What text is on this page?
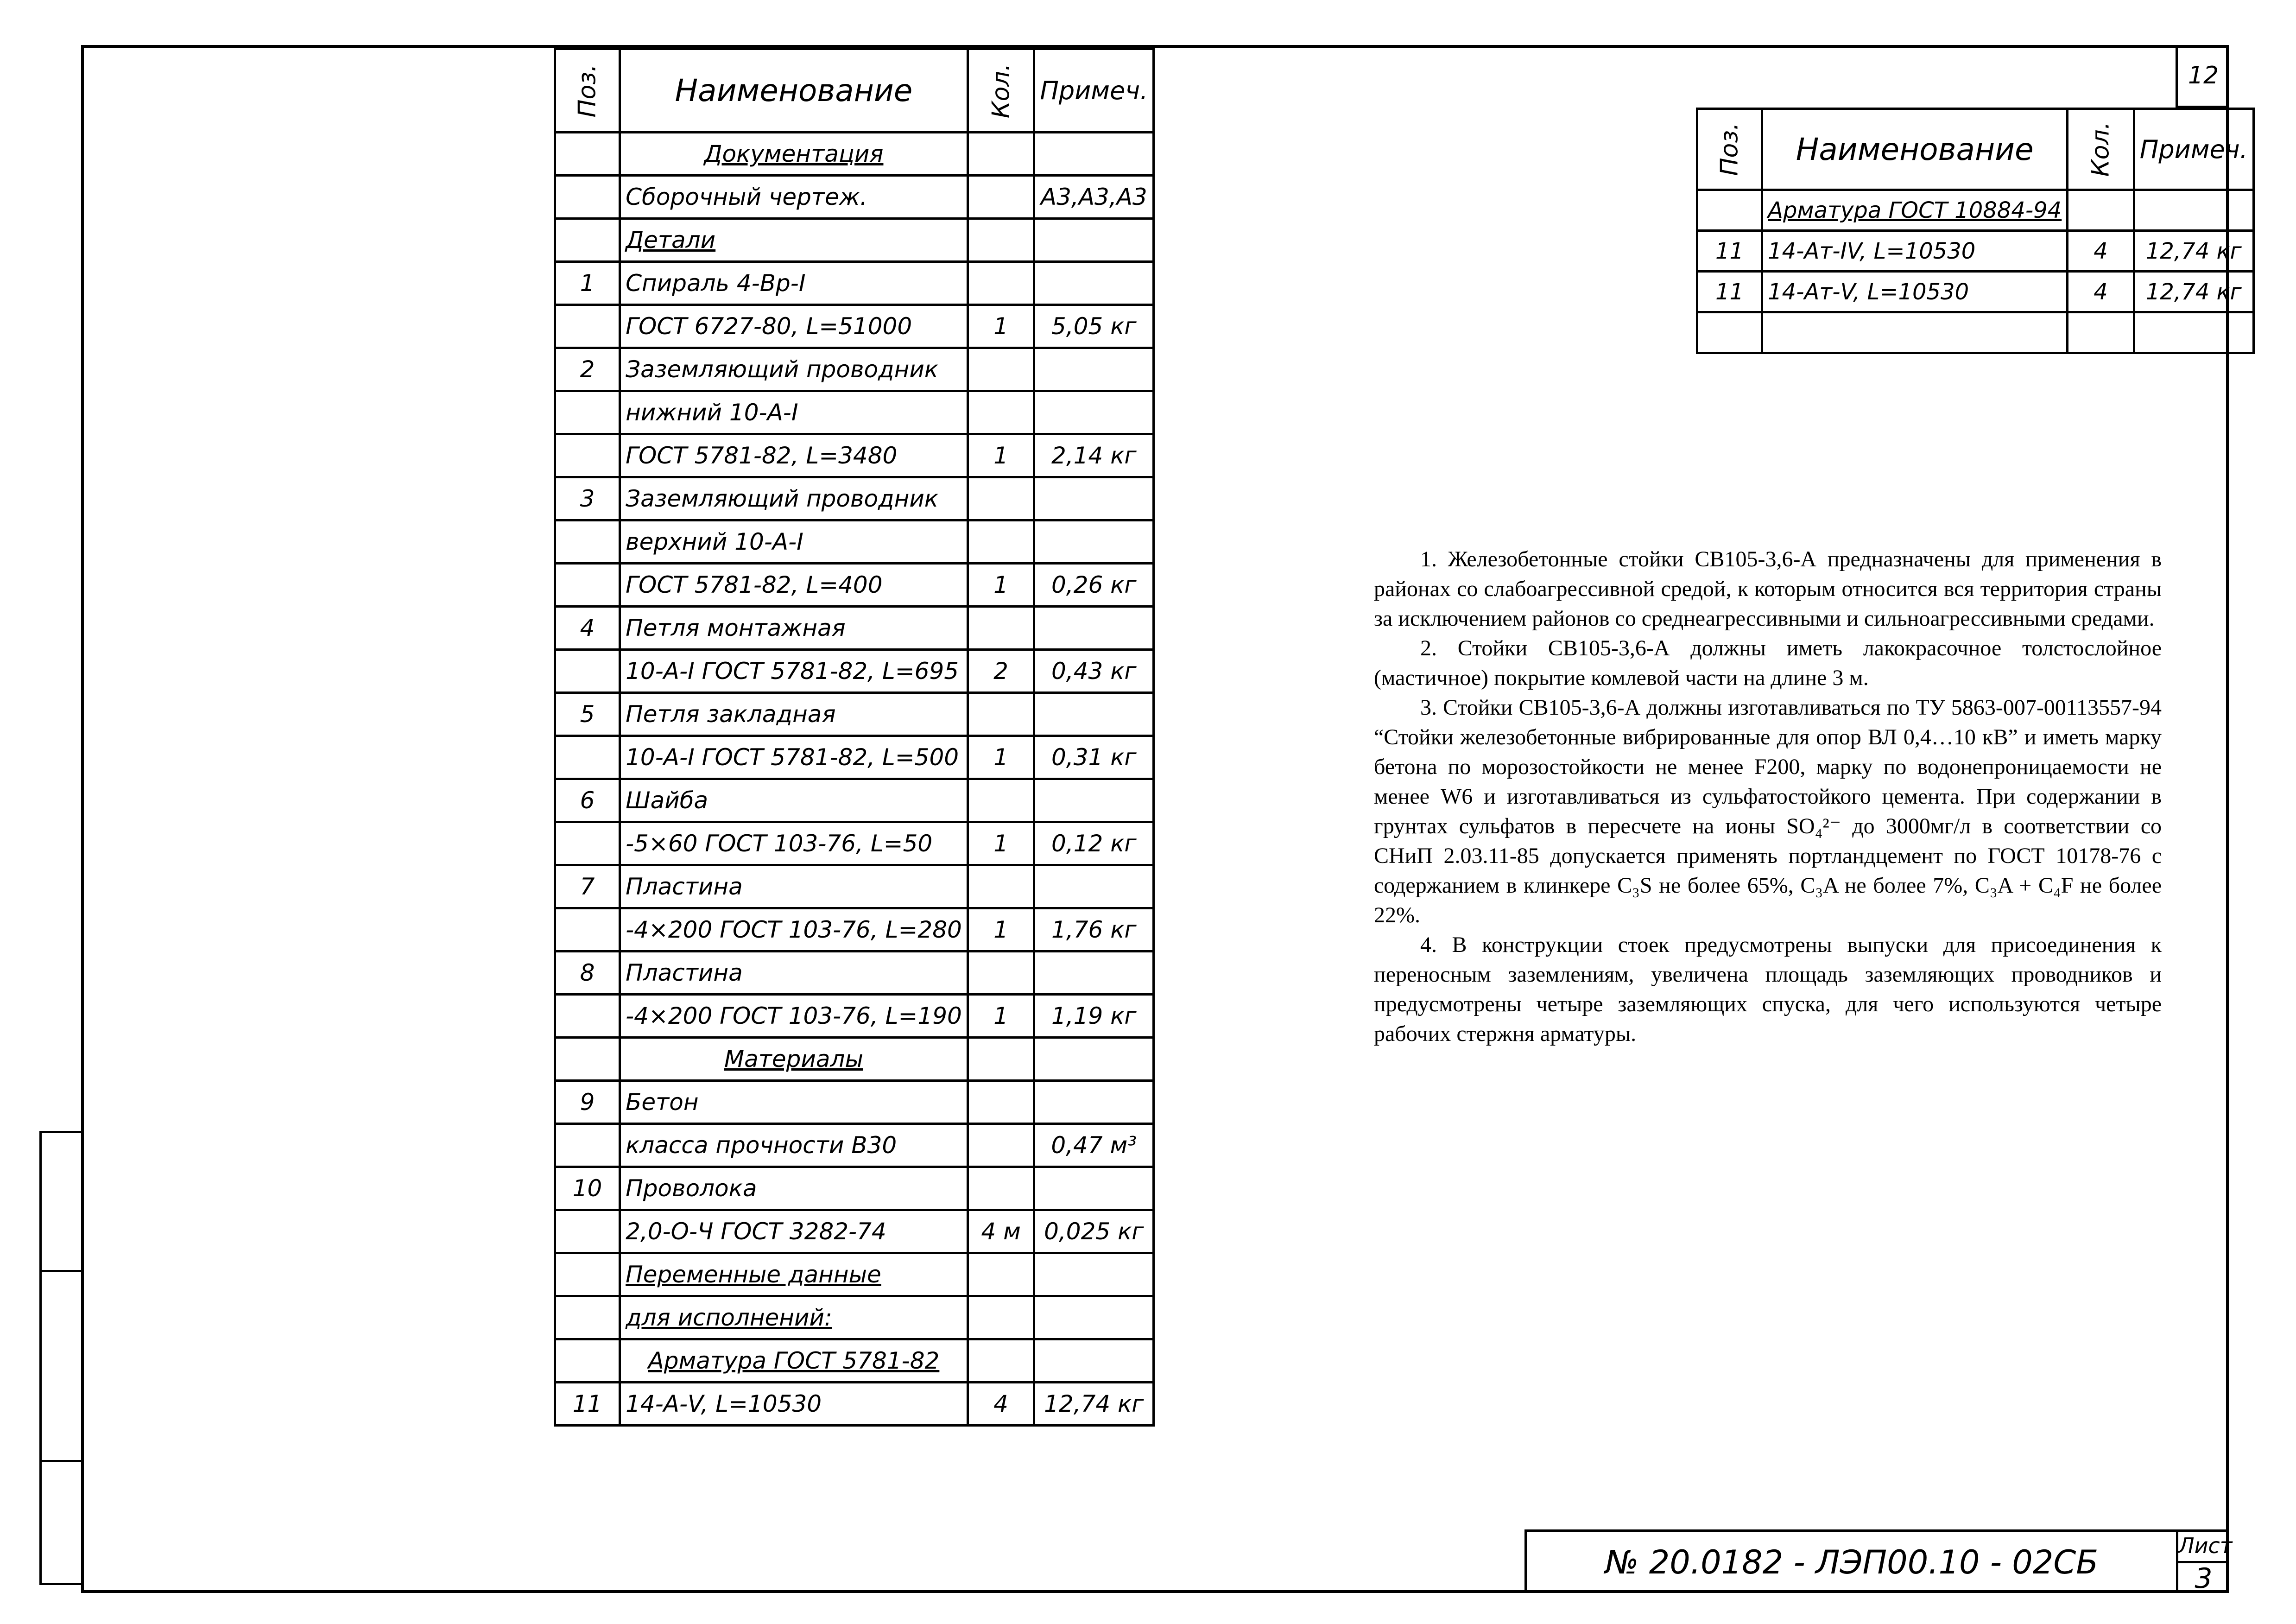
12
Поз.	Наименование	Кол.	Примеч.
	Документация		
	Сборочный чертеж.		А3,А3,А3
	Детали		
1	Спираль 4-Вр-I		
	ГОСТ 6727-80, L=51000	1	5,05 кг
2	Заземляющий проводник		
	нижний 10-А-I		
	ГОСТ 5781-82, L=3480	1	2,14 кг
3	Заземляющий проводник		
	верхний 10-А-I		
	ГОСТ 5781-82, L=400	1	0,26 кг
4	Петля монтажная		
	10-А-I ГОСТ 5781-82, L=695	2	0,43 кг
5	Петля закладная		
	10-А-I ГОСТ 5781-82, L=500	1	0,31 кг
6	Шайба		
	-5×60 ГОСТ 103-76, L=50	1	0,12 кг
7	Пластина		
	-4×200 ГОСТ 103-76, L=280	1	1,76 кг
8	Пластина		
	-4×200 ГОСТ 103-76, L=190	1	1,19 кг
	Материалы		
9	Бетон		
	класса прочности В30		0,47 м³
10	Проволока		
	2,0-О-Ч ГОСТ 3282-74	4 м	0,025 кг
	Переменные данные		
	для исполнений:		
	Арматура ГОСТ 5781-82		
11	14-А-V, L=10530	4	12,74 кг
Поз.	Наименование	Кол.	Примеч.
	Арматура ГОСТ 10884-94		
11	14-Ат-IV, L=10530	4	12,74 кг
11	14-Ат-V, L=10530	4	12,74 кг

1. Железобетонные стойки СВ105-3,6-А предназначены для применения в районах со слабоагрессивной средой, к которым относится вся территория страны за исключением районов со среднеагрессивными и сильноагрессивными средами.

2. Стойки СВ105-3,6-А должны иметь лакокрасочное толстослойное (мастичное) покрытие комлевой части на длине 3 м.

3. Стойки СВ105-3,6-А должны изготавливаться по ТУ 5863-007-00113557-94 “Стойки железобетонные вибрированные для опор ВЛ 0,4…10 кВ” и иметь марку бетона по морозостойкости не менее F200, марку по водонепроницаемости не менее W6 и изготавливаться из сульфатостойкого цемента. При содержании в грунтах сульфатов в пересчете на ионы SO₄²⁻ до 3000мг/л в соответствии со СНиП 2.03.11-85 допускается применять портландцемент по ГОСТ 10178-76 с содержанием в клинкере C₃S не более 65%, C₃A не более 7%, C₃A + C₄F не более 22%.

4. В конструкции стоек предусмотрены выпуски для присоединения к переносным заземлениям, увеличена площадь заземляющих проводников и предусмотрены четыре заземляющих спуска, для чего используются четыре рабочих стержня арматуры.

№ 20.0182 - ЛЭП00.10 - 02СБ	Лист
3
